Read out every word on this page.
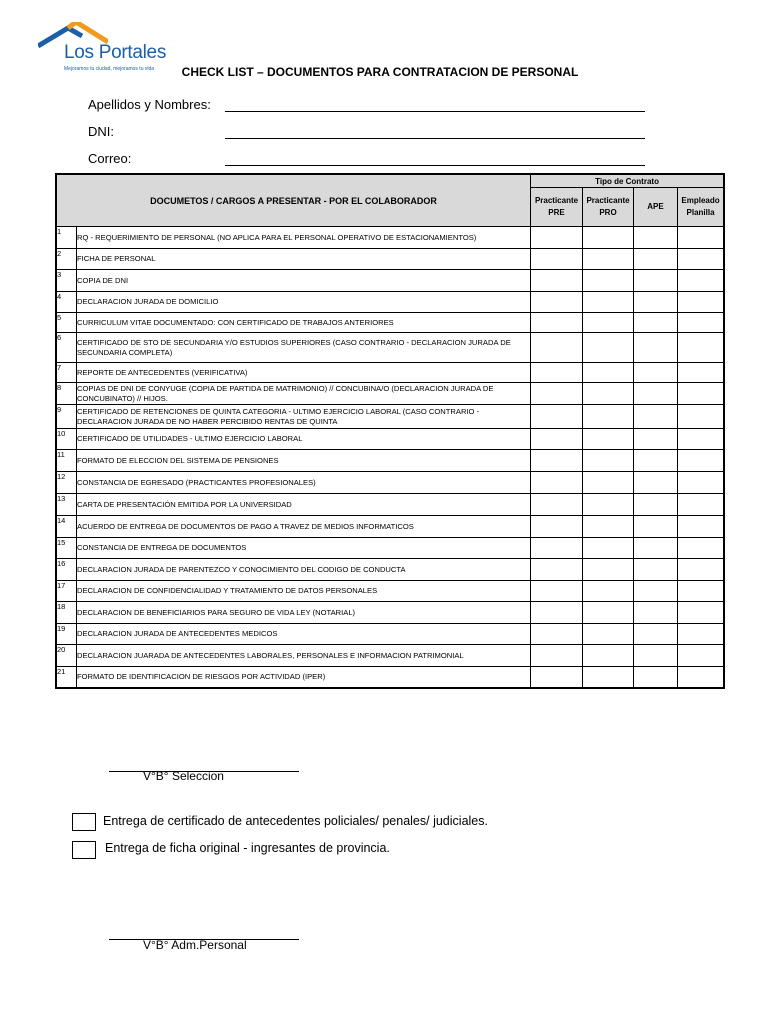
Los Portales
Mejoramos tu ciudad, mejoramos tu vida	CHECK LIST – DOCUMENTOS PARA CONTRATACION DE PERSONAL
Apellidos y Nombres:
DNI:
Correo:
DOCUMETOS / CARGOS A PRESENTAR - POR EL COLABORADOR		Tipo de Contrato			
		Practicante PRE	Practicante PRO	APE	Empleado Planilla
1	RQ - REQUERIMIENTO DE PERSONAL (NO APLICA PARA EL PERSONAL OPERATIVO DE ESTACIONAMIENTOS)				
2	FICHA DE PERSONAL				
3	COPIA DE DNI				
4	DECLARACION JURADA DE DOMICILIO				
5	CURRICULUM VITAE DOCUMENTADO: CON CERTIFICADO DE TRABAJOS ANTERIORES				
6	CERTIFICADO DE STO DE SECUNDARIA Y/O ESTUDIOS SUPERIORES (CASO CONTRARIO - DECLARACION JURADA DE SECUNDARIA COMPLETA)				
7	REPORTE DE ANTECEDENTES (VERIFICATIVA)				
8	COPIAS DE DNI DE CONYUGE (COPIA DE PARTIDA DE MATRIMONIO) // CONCUBINA/O (DECLARACION JURADA DE CONCUBINATO) // HIJOS.				
9	CERTIFICADO DE RETENCIONES DE QUINTA CATEGORIA - ULTIMO EJERCICIO LABORAL (CASO CONTRARIO - DECLARACION JURADA DE NO HABER PERCIBIDO RENTAS DE QUINTA				
10	CERTIFICADO DE UTILIDADES - ULTIMO EJERCICIO LABORAL				
11	FORMATO DE ELECCION DEL SISTEMA DE PENSIONES				
12	CONSTANCIA DE EGRESADO (PRACTICANTES PROFESIONALES)				
13	CARTA DE PRESENTACIÓN EMITIDA POR LA UNIVERSIDAD				
14	ACUERDO DE ENTREGA DE DOCUMENTOS DE PAGO A TRAVEZ DE MEDIOS INFORMATICOS				
15	CONSTANCIA DE ENTREGA DE DOCUMENTOS				
16	DECLARACION JURADA DE PARENTEZCO Y CONOCIMIENTO DEL CODIGO DE CONDUCTA				
17	DECLARACION DE CONFIDENCIALIDAD Y TRATAMIENTO DE DATOS PERSONALES				
18	DECLARACION DE BENEFICIARIOS PARA SEGURO DE VIDA LEY (NOTARIAL)				
19	DECLARACION JURADA DE ANTECEDENTES MEDICOS				
20	DECLARACION JUARADA DE ANTECEDENTES LABORALES, PERSONALES E INFORMACION PATRIMONIAL				
21	FORMATO DE IDENTIFICACION DE RIESGOS POR ACTIVIDAD (IPER)				
V°B° Seleccion
Entrega de certificado de antecedentes policiales/ penales/ judiciales.
Entrega de ficha original - ingresantes de provincia.
V°B° Adm.Personal
